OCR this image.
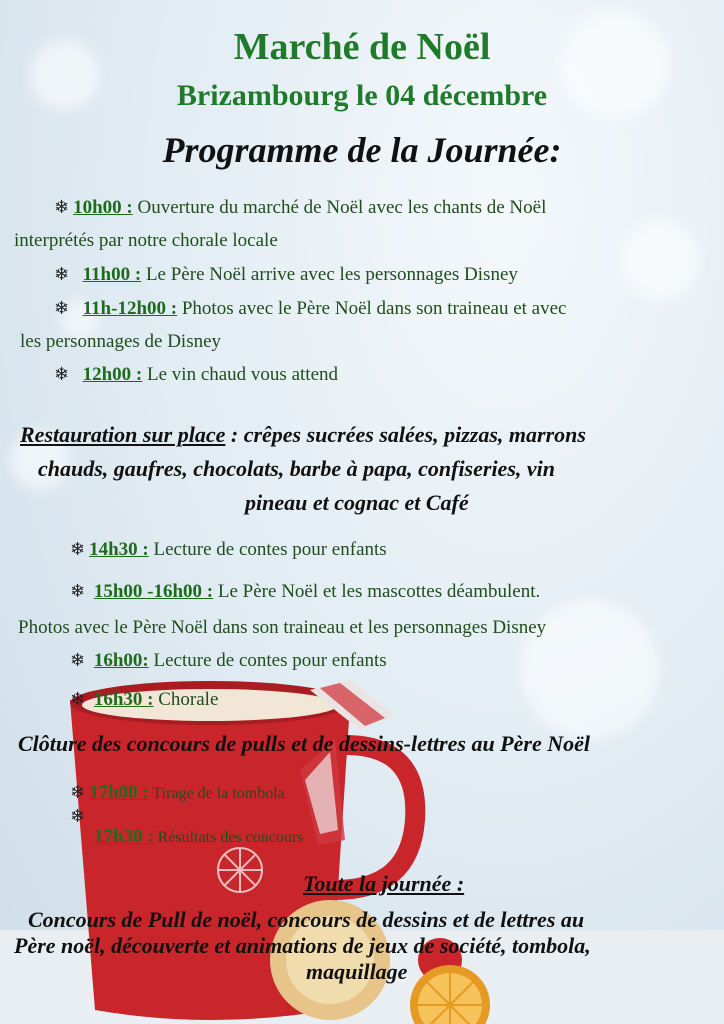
Marché de Noël
Brizambourg le 04 décembre
Programme de la Journée:
❄ 10h00 : Ouverture du marché de Noël avec les chants de Noël
interprétés par notre chorale locale
❄ 11h00 : Le Père Noël arrive avec les personnages Disney
❄ 11h-12h00 : Photos avec le Père Noël dans son traineau et avec
les personnages de Disney
❄ 12h00 : Le vin chaud vous attend
Restauration sur place : crêpes sucrées salées, pizzas, marrons
chauds, gaufres, chocolats, barbe à papa, confiseries, vin
pineau et cognac et Café
❄ 14h30 : Lecture de contes pour enfants
❄ 15h00 -16h00 : Le Père Noël et les mascottes déambulent.
Photos avec le Père Noël dans son traineau et les personnages Disney
❄ 16h00: Lecture de contes pour enfants
❄ 16h30 : Chorale
Clôture des concours de pulls et de dessins-lettres au Père Noël
❄ 17h00 : Tirage de la tombola
❄
17h30 : Résultats des concours
Toute la journée :
Concours de Pull de noël, concours de dessins et de lettres au
Père noël, découverte et animations de jeux de société, tombola,
maquillage
